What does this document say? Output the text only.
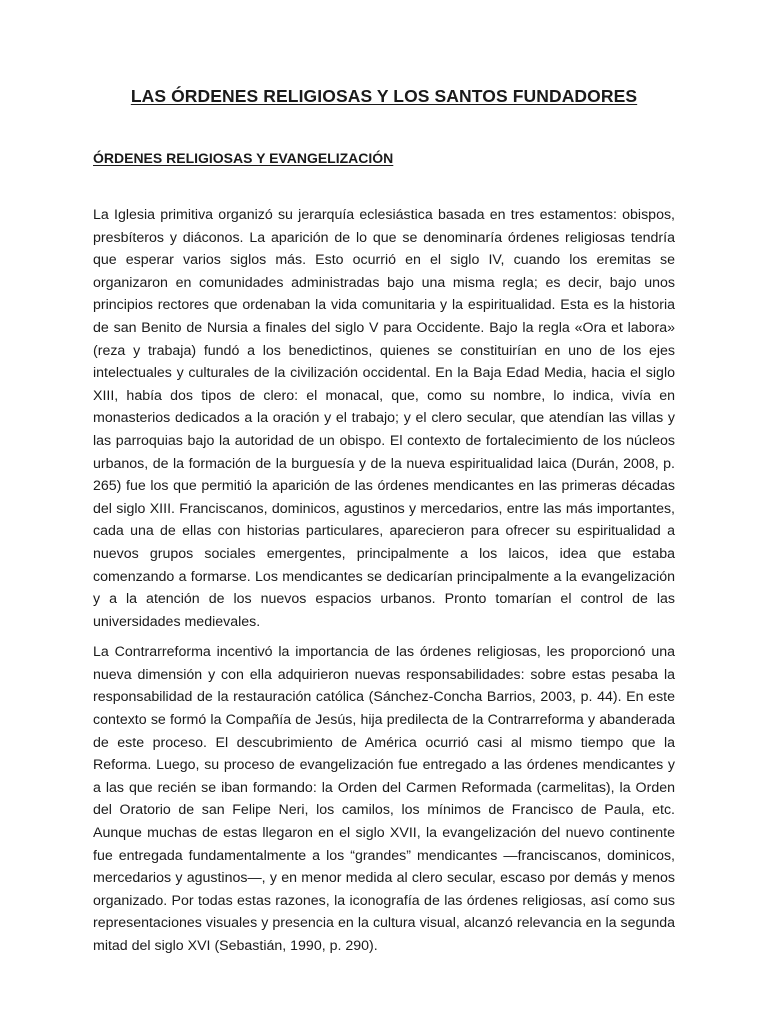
LAS ÓRDENES RELIGIOSAS Y LOS SANTOS FUNDADORES
ÓRDENES RELIGIOSAS Y EVANGELIZACIÓN

La Iglesia primitiva organizó su jerarquía eclesiástica basada en tres estamentos: obispos, presbíteros y diáconos. La aparición de lo que se denominaría órdenes religiosas tendría que esperar varios siglos más. Esto ocurrió en el siglo IV, cuando los eremitas se organizaron en comunidades administradas bajo una misma regla; es decir, bajo unos principios rectores que ordenaban la vida comunitaria y la espiritualidad. Esta es la historia de san Benito de Nursia a finales del siglo V para Occidente. Bajo la regla «Ora et labora» (reza y trabaja) fundó a los benedictinos, quienes se constituirían en uno de los ejes intelectuales y culturales de la civilización occidental. En la Baja Edad Media, hacia el siglo XIII, había dos tipos de clero: el monacal, que, como su nombre, lo indica, vivía en monasterios dedicados a la oración y el trabajo; y el clero secular, que atendían las villas y las parroquias bajo la autoridad de un obispo. El contexto de fortalecimiento de los núcleos urbanos, de la formación de la burguesía y de la nueva espiritualidad laica (Durán, 2008, p. 265) fue los que permitió la aparición de las órdenes mendicantes en las primeras décadas del siglo XIII. Franciscanos, dominicos, agustinos y mercedarios, entre las más importantes, cada una de ellas con historias particulares, aparecieron para ofrecer su espiritualidad a nuevos grupos sociales emergentes, principalmente a los laicos, idea que estaba comenzando a formarse. Los mendicantes se dedicarían principalmente a la evangelización y a la atención de los nuevos espacios urbanos. Pronto tomarían el control de las universidades medievales.

La Contrarreforma incentivó la importancia de las órdenes religiosas, les proporcionó una nueva dimensión y con ella adquirieron nuevas responsabilidades: sobre estas pesaba la responsabilidad de la restauración católica (Sánchez-Concha Barrios, 2003, p. 44). En este contexto se formó la Compañía de Jesús, hija predilecta de la Contrarreforma y abanderada de este proceso. El descubrimiento de América ocurrió casi al mismo tiempo que la Reforma. Luego, su proceso de evangelización fue entregado a las órdenes mendicantes y a las que recién se iban formando: la Orden del Carmen Reformada (carmelitas), la Orden del Oratorio de san Felipe Neri, los camilos, los mínimos de Francisco de Paula, etc. Aunque muchas de estas llegaron en el siglo XVII, la evangelización del nuevo continente fue entregada fundamentalmente a los “grandes” mendicantes —franciscanos, dominicos, mercedarios y agustinos—, y en menor medida al clero secular, escaso por demás y menos organizado. Por todas estas razones, la iconografía de las órdenes religiosas, así como sus representaciones visuales y presencia en la cultura visual, alcanzó relevancia en la segunda mitad del siglo XVI (Sebastián, 1990, p. 290).
